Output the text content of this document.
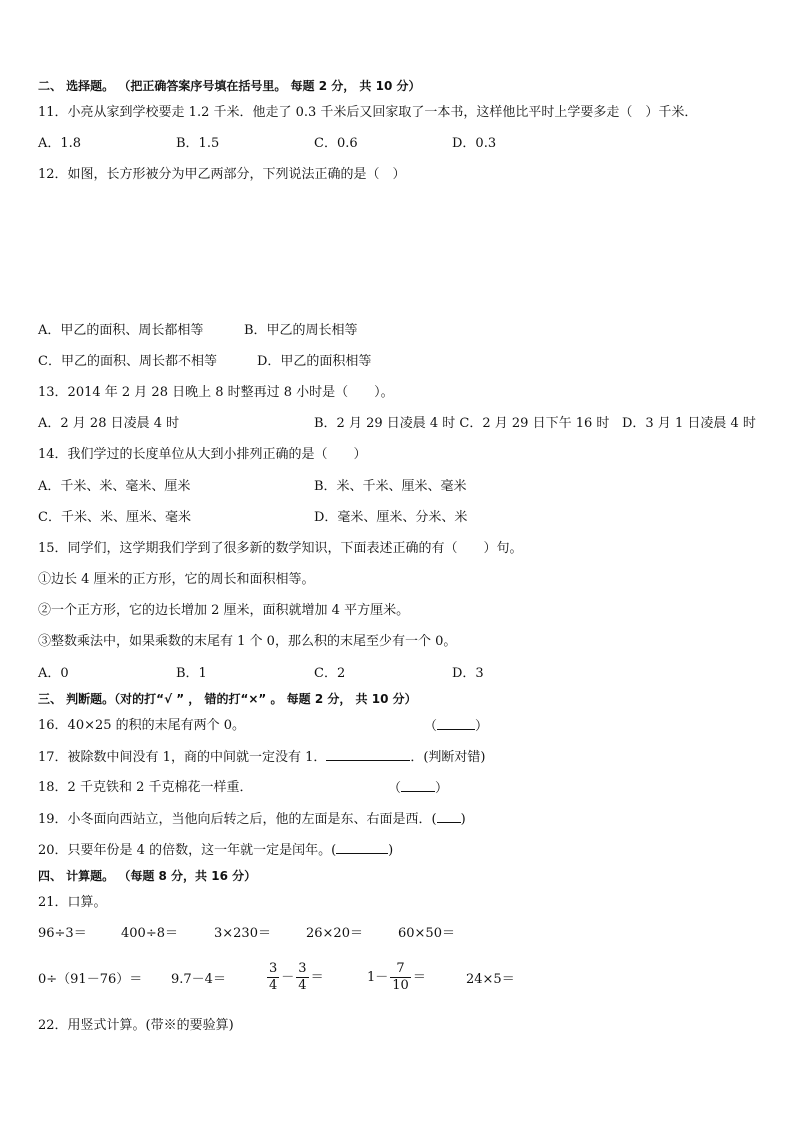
二、 选择题。 （把正确答案序号填在括号里。 每题 2 分， 共 10 分）
11．小亮从家到学校要走 1.2 千米．他走了 0.3 千米后又回家取了一本书，这样他比平时上学要多走（　）千米．
A．1.8	B．1.5	C．0.6	D．0.3
12．如图，长方形被分为甲乙两部分，下列说法正确的是（　）
A．甲乙的面积、周长都相等	B．甲乙的周长相等
C．甲乙的面积、周长都不相等	D．甲乙的面积相等
13．2014 年 2 月 28 日晚上 8 时整再过 8 小时是（　　）。
A．2 月 28 日凌晨 4 时	B．2 月 29 日凌晨 4 时 C．2 月 29 日下午 16 时 D．3 月 1 日凌晨 4 时
14．我们学过的长度单位从大到小排列正确的是（　　）
A．千米、米、毫米、厘米	B．米、千米、厘米、毫米
C．千米、米、厘米、毫米	D．毫米、厘米、分米、米
15．同学们，这学期我们学到了很多新的数学知识，下面表述正确的有（　　）句。
①边长 4 厘米的正方形，它的周长和面积相等。
②一个正方形，它的边长增加 2 厘米，面积就增加 4 平方厘米。
③整数乘法中，如果乘数的末尾有 1 个 0，那么积的末尾至少有一个 0。
A．0	B．1	C．2	D．3
三、 判断题。（对的打“√ ” ， 错的打“×” 。 每题 2 分， 共 10 分）
16．40×25 的积的末尾有两个 0。	（	）
17．被除数中间没有 1，商的中间就一定没有 1．	．(判断对错)
18．2 千克铁和 2 千克棉花一样重．	（	）
19．小冬面向西站立，当他向后转之后，他的左面是东、右面是西．( )
20．只要年份是 4 的倍数，这一年就一定是闰年。(	)
四、 计算题。 （每题 8 分，共 16 分）
21．口算。
96÷3＝	400÷8＝	3×230＝	26×20＝	60×50＝
0÷（91－76）＝ 9.7－4＝	$\frac{3}{4} - \frac{3}{4}$ ＝	$1- \frac{7}{10}$ ＝	24×5＝
22．用竖式计算。(带※的要验算)
